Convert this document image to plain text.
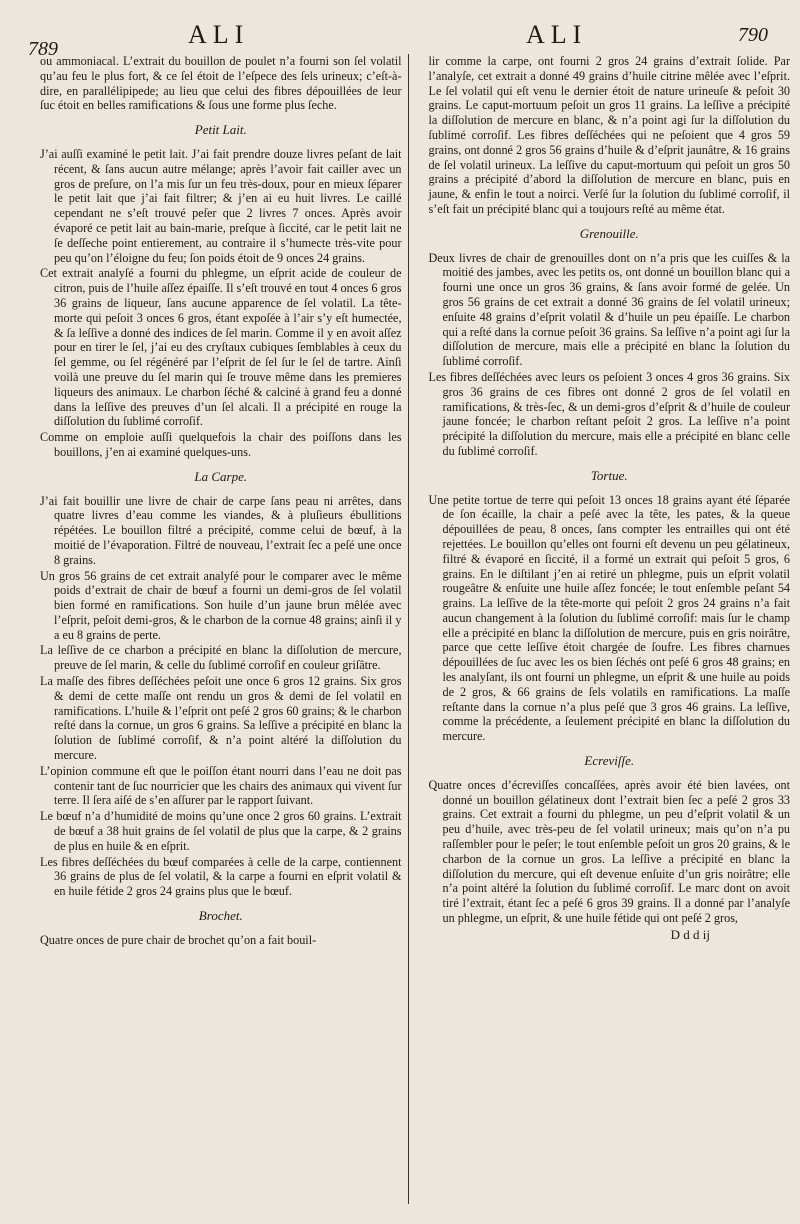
789	ALI	ALI	790

ou ammoniacal. L’extrait du bouillon de poulet n’a fourni son ſel volatil qu’au feu le plus fort, & ce ſel étoit de l’eſpece des ſels urineux; c’eſt-à-dire, en parallélipipede; au lieu que celui des fibres dépouillées de leur ſuc étoit en belles ramifications & ſous une forme plus ſeche.

Petit Lait.

J’ai auſſi examiné le petit lait. J’ai fait prendre douze livres peſant de lait récent, & ſans aucun autre mélange; après l’avoir fait cailler avec un gros de preſure, on l’a mis ſur un feu très-doux, pour en mieux ſéparer le petit lait que j’ai fait filtrer; & j’en ai eu huit livres. Le caillé cependant ne s’eſt trouvé peſer que 2 livres 7 onces. Après avoir évaporé ce petit lait au bain-marie, preſque à ſiccité, car le petit lait ne ſe deſſeche point entierement, au contraire il s’humecte très-vite pour peu qu’on l’éloigne du feu; ſon poids étoit de 9 onces 24 grains.

Cet extrait analyſé a fourni du phlegme, un eſprit acide de couleur de citron, puis de l’huile aſſez épaiſſe. Il s’eſt trouvé en tout 4 onces 6 gros 36 grains de liqueur, ſans aucune apparence de ſel volatil. La tête-morte qui peſoit 3 onces 6 gros, étant expoſée à l’air s’y eſt humectée, & ſa leſſive a donné des indices de ſel marin. Comme il y en avoit aſſez pour en tirer le ſel, j’ai eu des cryſtaux cubiques ſemblables à ceux du ſel gemme, ou ſel régénéré par l’eſprit de ſel ſur le ſel de tartre. Ainſi voilà une preuve du ſel marin qui ſe trouve même dans les premieres liqueurs des animaux. Le charbon ſéché & calciné à grand feu a donné dans la leſſive des preuves d’un ſel alcali. Il a précipité en rouge la diſſolution du ſublimé corroſif.

Comme on emploie auſſi quelquefois la chair des poiſſons dans les bouillons, j’en ai examiné quelques-uns.

La Carpe.

J’ai fait bouillir une livre de chair de carpe ſans peau ni arrêtes, dans quatre livres d’eau comme les viandes, & à pluſieurs ébullitions répétées. Le bouillon filtré a précipité, comme celui de bœuf, à la moitié de l’évaporation. Filtré de nouveau, l’extrait ſec a peſé une once 8 grains.

Un gros 56 grains de cet extrait analyſé pour le comparer avec le même poids d’extrait de chair de bœuf a fourni un demi-gros de ſel volatil bien formé en ramifications. Son huile d’un jaune brun mêlée avec l’eſprit, peſoit demi-gros, & le charbon de la cornue 48 grains; ainſi il y a eu 8 grains de perte.

La leſſive de ce charbon a précipité en blanc la diſſolution de mercure, preuve de ſel marin, & celle du ſublimé corroſif en couleur griſâtre.

La maſſe des fibres deſſéchées peſoit une once 6 gros 12 grains. Six gros & demi de cette maſſe ont rendu un gros & demi de ſel volatil en ramifications. L’huile & l’eſprit ont peſé 2 gros 60 grains; & le charbon reſté dans la cornue, un gros 6 grains. Sa leſſive a précipité en blanc la ſolution de ſublimé corroſif, & n’a point altéré la diſſolution du mercure.

L’opinion commune eſt que le poiſſon étant nourri dans l’eau ne doit pas contenir tant de ſuc nourricier que les chairs des animaux qui vivent ſur terre. Il ſera aiſé de s’en aſſurer par le rapport ſuivant.

Le bœuf n’a d’humidité de moins qu’une once 2 gros 60 grains. L’extrait de bœuf a 38 huit grains de ſel volatil de plus que la carpe, & 2 grains de plus en huile & en eſprit.

Les fibres deſſéchées du bœuf comparées à celle de la carpe, contiennent 36 grains de plus de ſel volatil, & la carpe a fourni en eſprit volatil & en huile fétide 2 gros 24 grains plus que le bœuf.

Brochet.

Quatre onces de pure chair de brochet qu’on a fait bouil-

lir comme la carpe, ont fourni 2 gros 24 grains d’extrait ſolide. Par l’analyſe, cet extrait a donné 49 grains d’huile citrine mêlée avec l’eſprit. Le ſel volatil qui eſt venu le dernier étoit de nature urineuſe & peſoit 30 grains. Le caput-mortuum peſoit un gros 11 grains. La leſſive a précipité la diſſolution de mercure en blanc, & n’a point agi ſur la diſſolution du ſublimé corroſif. Les fibres deſſéchées qui ne peſoient que 4 gros 59 grains, ont donné 2 gros 56 grains d’huile & d’eſprit jaunâtre, & 16 grains de ſel volatil urineux. La leſſive du caput-mortuum qui peſoit un gros 50 grains a précipité d’abord la diſſolution de mercure en blanc, puis en jaune, & enfin le tout a noirci. Verſé ſur la ſolution du ſublimé corroſif, il s’eſt fait un précipité blanc qui a toujours reſté au même état.

Grenouille.

Deux livres de chair de grenouilles dont on n’a pris que les cuiſſes & la moitié des jambes, avec les petits os, ont donné un bouillon blanc qui a fourni une once un gros 36 grains, & ſans avoir formé de gelée. Un gros 56 grains de cet extrait a donné 36 grains de ſel volatil urineux; enſuite 48 grains d’eſprit volatil & d’huile un peu épaiſſe. Le charbon qui a reſté dans la cornue peſoit 36 grains. Sa leſſive n’a point agi ſur la diſſolution de mercure, mais elle a précipité en blanc la ſolution du ſublimé corroſif.

Les fibres deſſéchées avec leurs os peſoient 3 onces 4 gros 36 grains. Six gros 36 grains de ces fibres ont donné 2 gros de ſel volatil en ramifications, & très-ſec, & un demi-gros d’eſprit & d’huile de couleur jaune foncée; le charbon reſtant peſoit 2 gros. La leſſive n’a point précipité la diſſolution du mercure, mais elle a précipité en blanc celle du ſublimé corroſif.

Tortue.

Une petite tortue de terre qui peſoit 13 onces 18 grains ayant été ſéparée de ſon écaille, la chair a peſé avec la tête, les pates, & la queue dépouillées de peau, 8 onces, ſans compter les entrailles qui ont été rejettées. Le bouillon qu’elles ont fourni eſt devenu un peu gélatineux, filtré & évaporé en ſiccité, il a formé un extrait qui peſoit 5 gros, 6 grains. En le diſtilant j’en ai retiré un phlegme, puis un eſprit volatil rougeâtre & enſuite une huile aſſez foncée; le tout enſemble peſant 54 grains. La leſſive de la tête-morte qui peſoit 2 gros 24 grains n’a fait aucun changement à la ſolution du ſublimé corroſif: mais ſur le champ elle a précipité en blanc la diſſolution de mercure, puis en gris noirâtre, parce que cette leſſive étoit chargée de ſoufre. Les fibres charnues dépouillées de ſuc avec les os bien ſéchés ont peſé 6 gros 48 grains; en les analyſant, ils ont fourni un phlegme, un eſprit & une huile au poids de 2 gros, & 66 grains de ſels volatils en ramifications. La maſſe reſtante dans la cornue n’a plus peſé que 3 gros 46 grains. La leſſive, comme la précédente, a ſeulement précipité en blanc la diſſolution du mercure.

Ecreviſſe.

Quatre onces d’écreviſſes concaſſées, après avoir été bien lavées, ont donné un bouillon gélatineux dont l’extrait bien ſec a peſé 2 gros 33 grains. Cet extrait a fourni du phlegme, un peu d’eſprit volatil & un peu d’huile, avec très-peu de ſel volatil urineux; mais qu’on n’a pu raſſembler pour le peſer; le tout enſemble peſoit un gros 20 grains, & le charbon de la cornue un gros. La leſſive a précipité en blanc la diſſolution du mercure, qui eſt devenue enſuite d’un gris noirâtre; elle n’a point altéré la ſolution du ſublimé corroſif. Le marc dont on avoit tiré l’extrait, étant ſec a peſé 6 gros 39 grains. Il a donné par l’analyſe un phlegme, un eſprit, & une huile fétide qui ont peſé 2 gros,

D d d ij
